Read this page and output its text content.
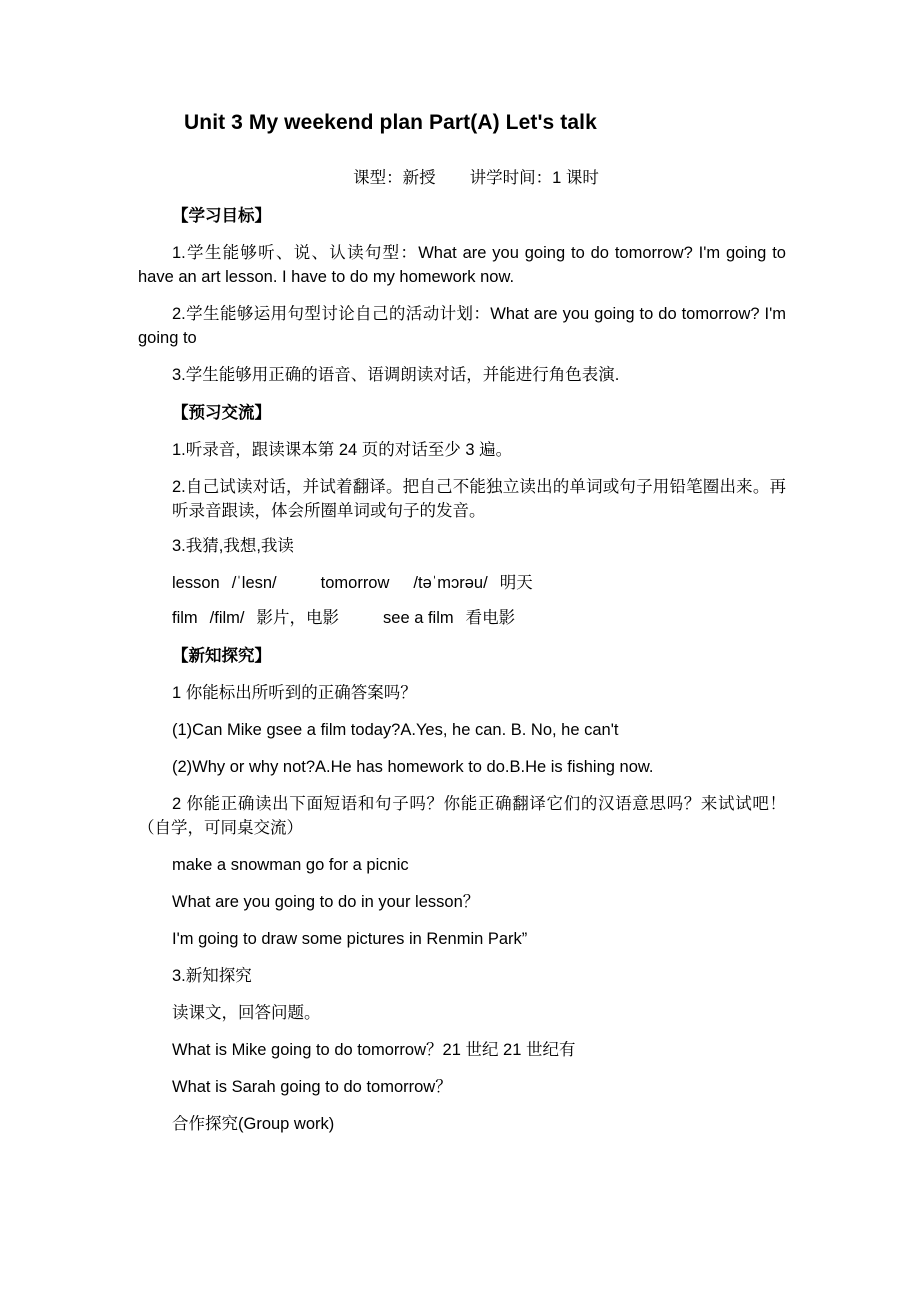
Unit 3 My weekend plan Part(A) Let's talk
课型：新授 讲学时间：1 课时
【学习目标】

1.学生能够听、说、认读句型：What are you going to do tomorrow? I'm going to have an art lesson. I have to do my homework now.

2.学生能够运用句型讨论自己的活动计划：What are you going to do tomorrow? I'm going to

3.学生能够用正确的语音、语调朗读对话，并能进行角色表演.

【预习交流】

1.听录音，跟读课本第 24 页的对话至少 3 遍。

2.自己试读对话，并试着翻译。把自己不能独立读出的单词或句子用铅笔圈出来。再听录音跟读，体会所圈单词或句子的发音。

3.我猜,我想,我读

lesson /ˈlesn/	tomorrow /təˈmɔrəu/ 明天

film /film/ 影片，电影	see a film 看电影

【新知探究】

1 你能标出所听到的正确答案吗？

(1)Can Mike gsee a film today?A.Yes, he can. B. No, he can't

(2)Why or why not?A.He has homework to do.B.He is fishing now.

2 你能正确读出下面短语和句子吗？你能正确翻译它们的汉语意思吗？来试试吧！（自学，可同桌交流）

make a snowman go for a picnic

What are you going to do in your lesson？

I'm going to draw some pictures in Renmin Park”

3.新知探究

读课文，回答问题。

What is Mike going to do tomorrow？21 世纪 21 世纪有

What is Sarah going to do tomorrow？

合作探究(Group work)
